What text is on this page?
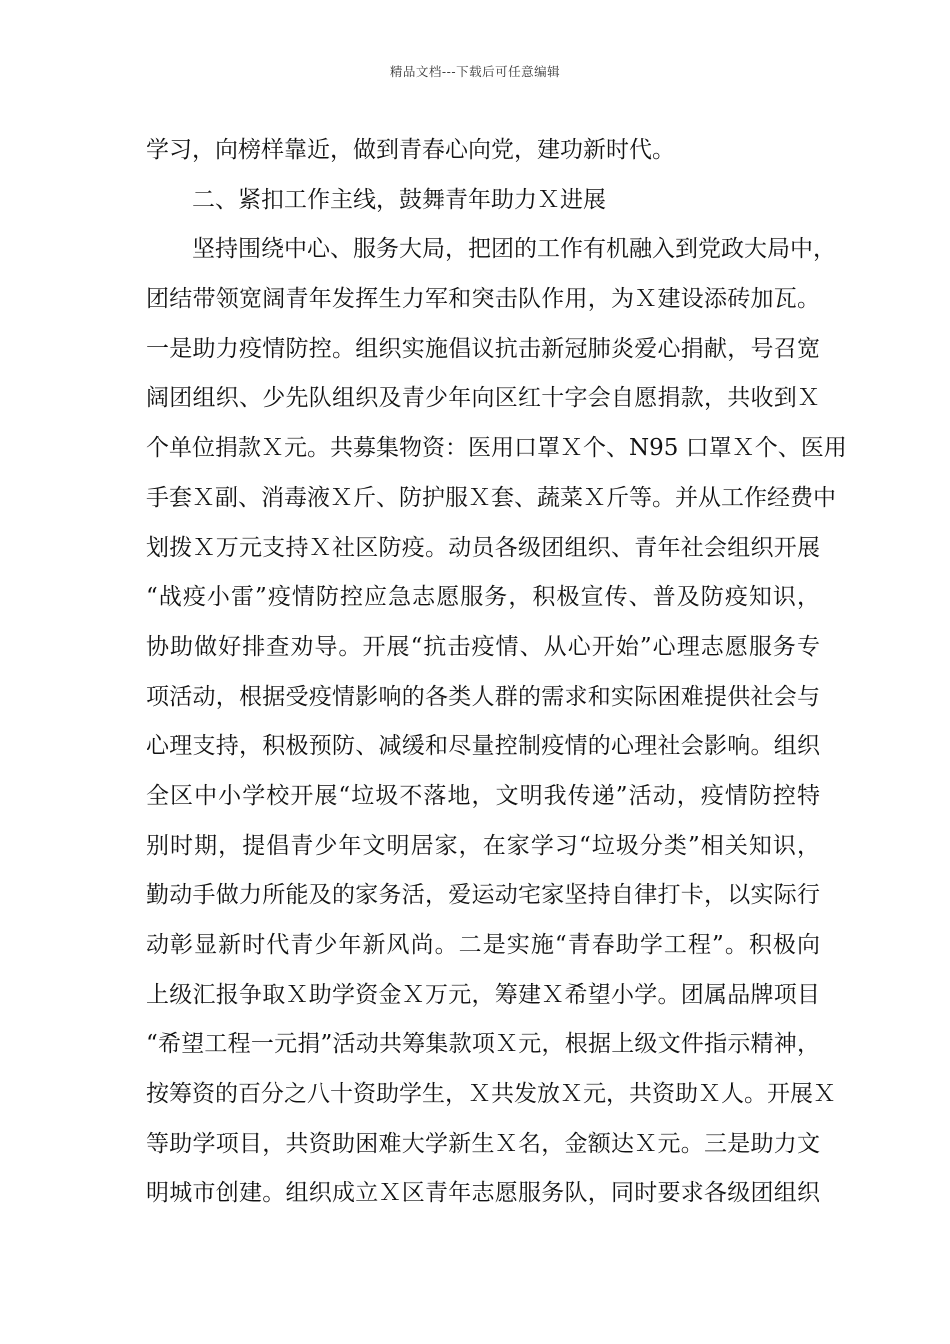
精品文档---下载后可任意编辑
学习，向榜样靠近，做到青春心向党，建功新时代。
二、紧扣工作主线，鼓舞青年助力Ｘ进展
坚持围绕中心、服务大局，把团的工作有机融入到党政大局中，
团结带领宽阔青年发挥生力军和突击队作用，为Ｘ建设添砖加瓦。
一是助力疫情防控。组织实施倡议抗击新冠肺炎爱心捐献，号召宽
阔团组织、少先队组织及青少年向区红十字会自愿捐款，共收到Ｘ
个单位捐款Ｘ元。共募集物资：医用口罩Ｘ个、N95 口罩Ｘ个、医用
手套Ｘ副、消毒液Ｘ斤、防护服Ｘ套、蔬菜Ｘ斤等。并从工作经费中
划拨Ｘ万元支持Ｘ社区防疫。动员各级团组织、青年社会组织开展
“战疫小雷”疫情防控应急志愿服务，积极宣传、普及防疫知识，
协助做好排查劝导。开展“抗击疫情、从心开始”心理志愿服务专
项活动，根据受疫情影响的各类人群的需求和实际困难提供社会与
心理支持，积极预防、减缓和尽量控制疫情的心理社会影响。组织
全区中小学校开展“垃圾不落地，文明我传递”活动，疫情防控特
别时期，提倡青少年文明居家，在家学习“垃圾分类”相关知识，
勤动手做力所能及的家务活，爱运动宅家坚持自律打卡，以实际行
动彰显新时代青少年新风尚。二是实施“青春助学工程”。积极向
上级汇报争取Ｘ助学资金Ｘ万元，筹建Ｘ希望小学。团属品牌项目
“希望工程一元捐”活动共筹集款项Ｘ元，根据上级文件指示精神，
按筹资的百分之八十资助学生，Ｘ共发放Ｘ元，共资助Ｘ人。开展Ｘ
等助学项目，共资助困难大学新生Ｘ名，金额达Ｘ元。三是助力文
明城市创建。组织成立Ｘ区青年志愿服务队，同时要求各级团组织
